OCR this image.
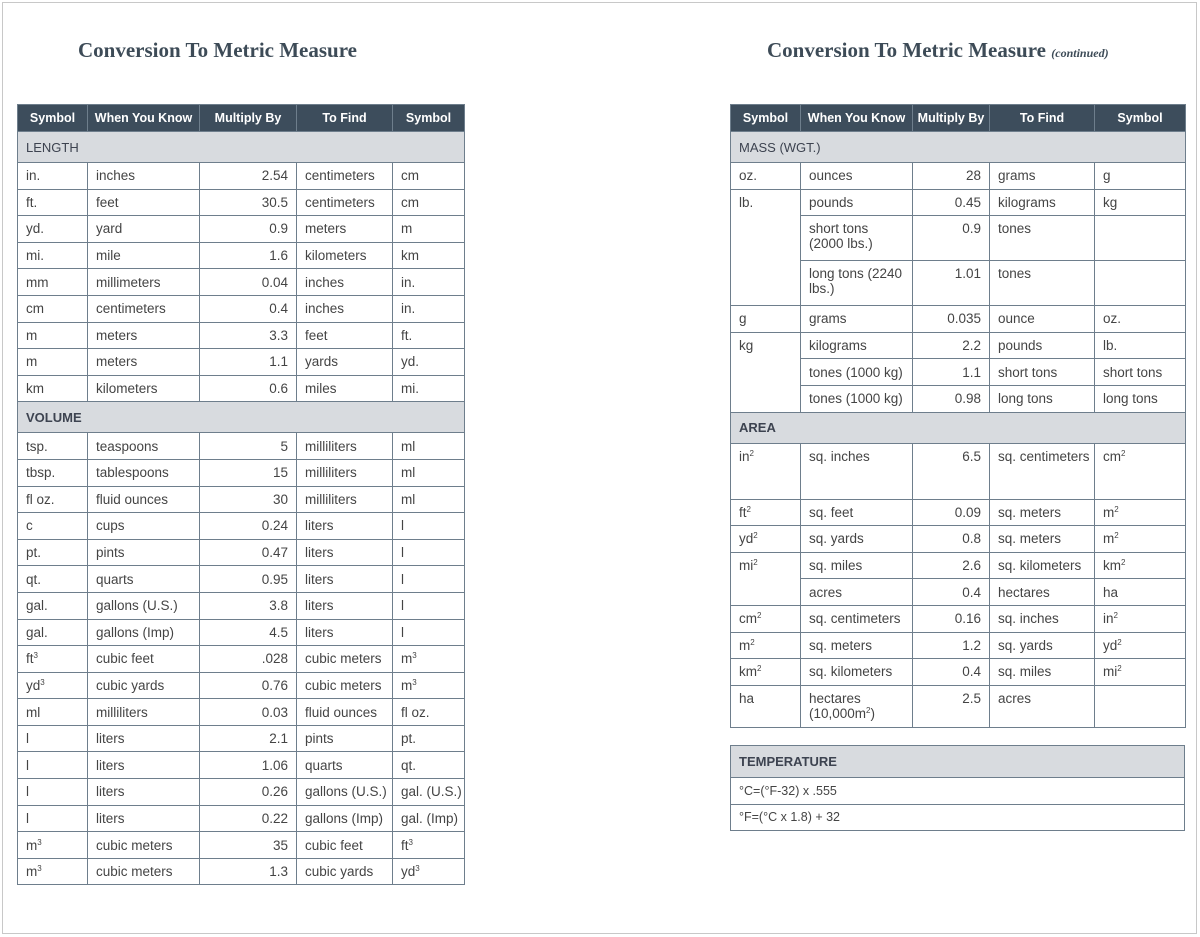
Conversion To Metric Measure	Conversion To Metric Measure (continued)
Symbol	When You Know	Multiply By	To Find	Symbol
LENGTH				
in.	inches	2.54	centimeters	cm
ft.	feet	30.5	centimeters	cm
yd.	yard	0.9	meters	m
mi.	mile	1.6	kilometers	km
mm	millimeters	0.04	inches	in.
cm	centimeters	0.4	inches	in.
m	meters	3.3	feet	ft.
m	meters	1.1	yards	yd.
km	kilometers	0.6	miles	mi.
VOLUME				
tsp.	teaspoons	5	milliliters	ml
tbsp.	tablespoons	15	milliliters	ml
fl oz.	fluid ounces	30	milliliters	ml
c	cups	0.24	liters	l
pt.	pints	0.47	liters	l
qt.	quarts	0.95	liters	l
gal.	gallons (U.S.)	3.8	liters	l
gal.	gallons (Imp)	4.5	liters	l
$ft^3$	cubic feet	.028	cubic meters	$m^3$
$yd^3$	cubic yards	0.76	cubic meters	$m^3$
ml	milliliters	0.03	fluid ounces	fl oz.
l	liters	2.1	pints	pt.
l	liters	1.06	quarts	qt.
l	liters	0.26	gallons (U.S.)	gal. (U.S.)
l	liters	0.22	gallons (Imp)	gal. (Imp)
$m^3$	cubic meters	35	cubic feet	$ft^3$
$m^3$	cubic meters	1.3	cubic yards	$yd^3$
Symbol	When You Know	Multiply By	To Find	Symbol
MASS (WGT.)				
oz.	ounces	28	grams	g
lb.	pounds	0.45	kilograms	kg
	short tons (2000 lbs.)	0.9	tones	
	long tons (2240 lbs.)	1.01	tones	
g	grams	0.035	ounce	oz.
kg	kilograms	2.2	pounds	lb.
	tones (1000 kg)	1.1	short tons	short tons
	tones (1000 kg)	0.98	long tons	long tons
AREA				
$in^2$	sq. inches	6.5	sq. centimeters	$cm^2$
$ft^2$	sq. feet	0.09	sq. meters	$m^2$
$yd^2$	sq. yards	0.8	sq. meters	$m^2$
$mi^2$	sq. miles	2.6	sq. kilometers	$km^2$
	acres	0.4	hectares	ha
$cm^2$	sq. centimeters	0.16	sq. inches	$in^2$
$m^2$	sq. meters	1.2	sq. yards	$yd^2$
$km^2$	sq. kilometers	0.4	sq. miles	$mi^2$
ha	hectares $(10,000m^2)$	2.5	acres	
TEMPERATURE
°C=(°F-32) x .555
°F=(°C x 1.8) + 32
